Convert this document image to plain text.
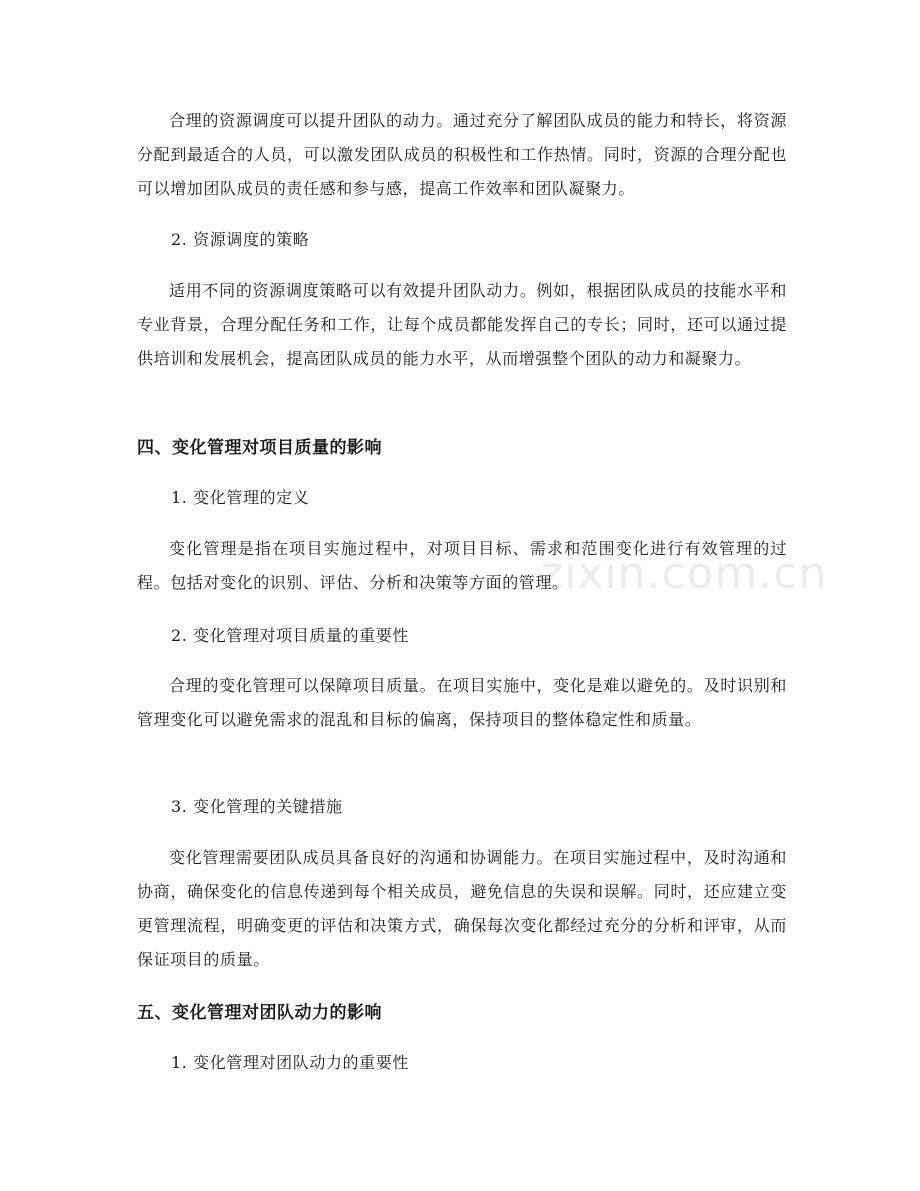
合理的资源调度可以提升团队的动力。通过充分了解团队成员的能力和特长，将资源分配到最适合的人员，可以激发团队成员的积极性和工作热情。同时，资源的合理分配也可以增加团队成员的责任感和参与感，提高工作效率和团队凝聚力。

2. 资源调度的策略

适用不同的资源调度策略可以有效提升团队动力。例如，根据团队成员的技能水平和专业背景，合理分配任务和工作，让每个成员都能发挥自己的专长；同时，还可以通过提供培训和发展机会，提高团队成员的能力水平，从而增强整个团队的动力和凝聚力。

四、变化管理对项目质量的影响

1. 变化管理的定义

变化管理是指在项目实施过程中，对项目目标、需求和范围变化进行有效管理的过程。包括对变化的识别、评估、分析和决策等方面的管理。

2. 变化管理对项目质量的重要性

合理的变化管理可以保障项目质量。在项目实施中，变化是难以避免的。及时识别和管理变化可以避免需求的混乱和目标的偏离，保持项目的整体稳定性和质量。

3. 变化管理的关键措施

变化管理需要团队成员具备良好的沟通和协调能力。在项目实施过程中，及时沟通和协商，确保变化的信息传递到每个相关成员，避免信息的失误和误解。同时，还应建立变更管理流程，明确变更的评估和决策方式，确保每次变化都经过充分的分析和评审，从而保证项目的质量。

五、变化管理对团队动力的影响

1. 变化管理对团队动力的重要性

zixin.com.cn
